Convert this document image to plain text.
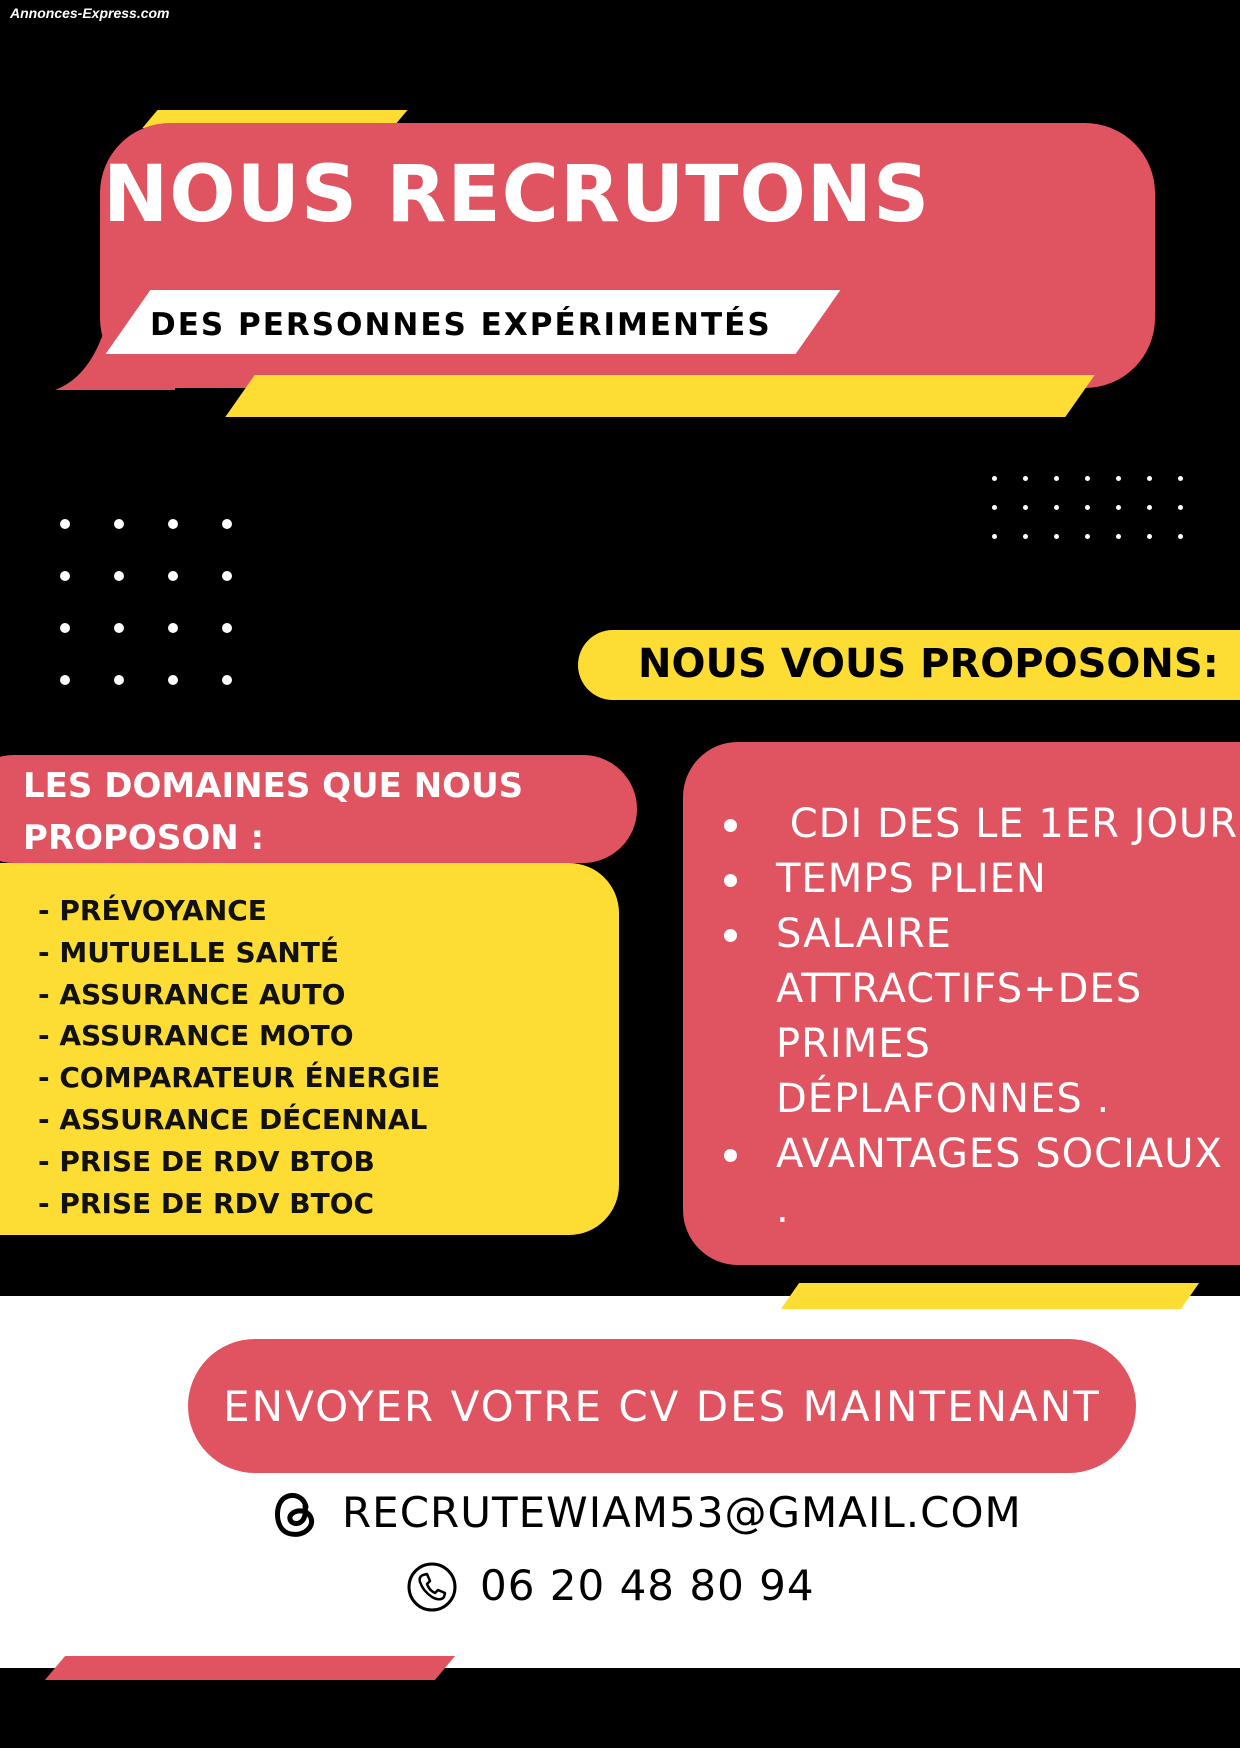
Annonces-Express.com
NOUS RECRUTONS
DES PERSONNES EXPÉRIMENTÉS
NOUS VOUS PROPOSONS:
LES DOMAINES QUE NOUS PROPOSON :
- PRÉVOYANCE
- MUTUELLE SANTÉ
- ASSURANCE AUTO
- ASSURANCE MOTO
- COMPARATEUR ÉNERGIE
- ASSURANCE DÉCENNAL
- PRISE DE RDV BTOB
- PRISE DE RDV BTOC
CDI DES LE 1ER JOUR
TEMPS PLIEN
SALAIRE ATTRACTIFS+DES PRIMES DÉPLAFONNES .
AVANTAGES SOCIAUX .
ENVOYER VOTRE CV DES MAINTENANT
RECRUTEWIAM53@GMAIL.COM
06 20 48 80 94
